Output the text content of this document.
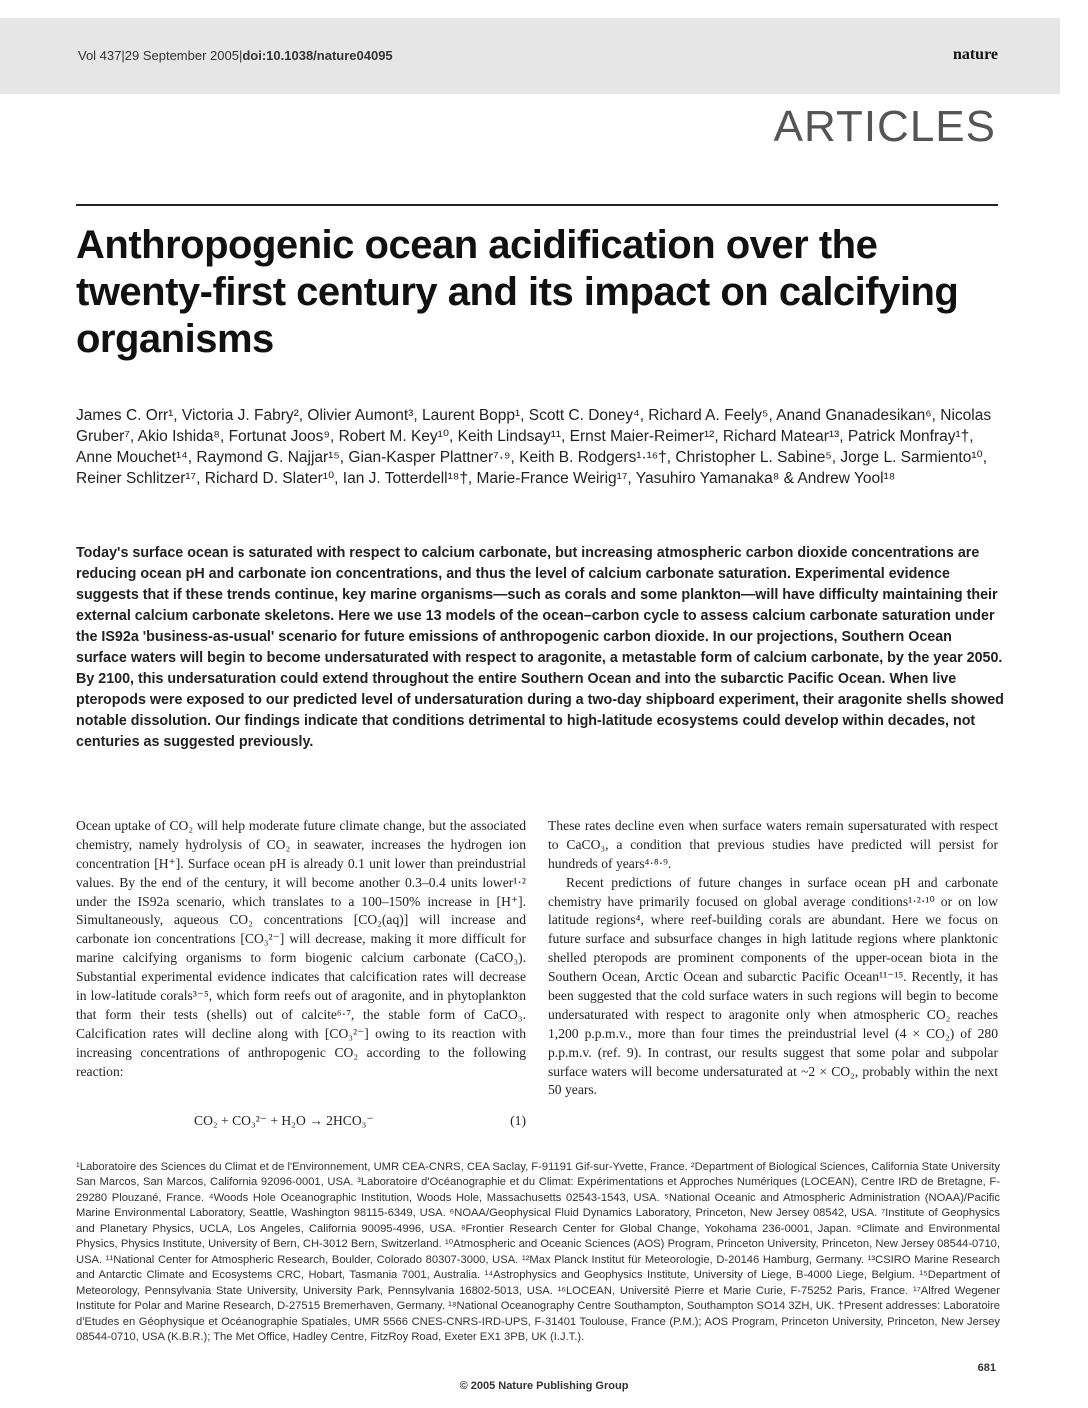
Vol 437|29 September 2005|doi:10.1038/nature04095	nature
ARTICLES
Anthropogenic ocean acidification over the twenty-first century and its impact on calcifying organisms
James C. Orr¹, Victoria J. Fabry², Olivier Aumont³, Laurent Bopp¹, Scott C. Doney⁴, Richard A. Feely⁵, Anand Gnanadesikan⁶, Nicolas Gruber⁷, Akio Ishida⁸, Fortunat Joos⁹, Robert M. Key¹⁰, Keith Lindsay¹¹, Ernst Maier-Reimer¹², Richard Matear¹³, Patrick Monfray¹†, Anne Mouchet¹⁴, Raymond G. Najjar¹⁵, Gian-Kasper Plattner⁷·⁹, Keith B. Rodgers¹·¹⁶†, Christopher L. Sabine⁵, Jorge L. Sarmiento¹⁰, Reiner Schlitzer¹⁷, Richard D. Slater¹⁰, Ian J. Totterdell¹⁸†, Marie-France Weirig¹⁷, Yasuhiro Yamanaka⁸ & Andrew Yool¹⁸
Today's surface ocean is saturated with respect to calcium carbonate, but increasing atmospheric carbon dioxide concentrations are reducing ocean pH and carbonate ion concentrations, and thus the level of calcium carbonate saturation. Experimental evidence suggests that if these trends continue, key marine organisms—such as corals and some plankton—will have difficulty maintaining their external calcium carbonate skeletons. Here we use 13 models of the ocean–carbon cycle to assess calcium carbonate saturation under the IS92a 'business-as-usual' scenario for future emissions of anthropogenic carbon dioxide. In our projections, Southern Ocean surface waters will begin to become undersaturated with respect to aragonite, a metastable form of calcium carbonate, by the year 2050. By 2100, this undersaturation could extend throughout the entire Southern Ocean and into the subarctic Pacific Ocean. When live pteropods were exposed to our predicted level of undersaturation during a two-day shipboard experiment, their aragonite shells showed notable dissolution. Our findings indicate that conditions detrimental to high-latitude ecosystems could develop within decades, not centuries as suggested previously.

Ocean uptake of CO₂ will help moderate future climate change, but the associated chemistry, namely hydrolysis of CO₂ in seawater, increases the hydrogen ion concentration [H⁺]. Surface ocean pH is already 0.1 unit lower than preindustrial values. By the end of the century, it will become another 0.3–0.4 units lower¹·² under the IS92a scenario, which translates to a 100–150% increase in [H⁺]. Simultaneously, aqueous CO₂ concentrations [CO₂(aq)] will increase and carbonate ion concentrations [CO₃²⁻] will decrease, making it more difficult for marine calcifying organisms to form biogenic calcium carbonate (CaCO₃). Substantial experimental evidence indicates that calcification rates will decrease in low-latitude corals³⁻⁵, which form reefs out of aragonite, and in phytoplankton that form their tests (shells) out of calcite⁶·⁷, the stable form of CaCO₃. Calcification rates will decline along with [CO₃²⁻] owing to its reaction with increasing concentrations of anthropogenic CO₂ according to the following reaction:

CO₂ + CO₃²⁻ + H₂O → 2HCO₃⁻	(1)

These rates decline even when surface waters remain supersaturated with respect to CaCO₃, a condition that previous studies have predicted will persist for hundreds of years⁴·⁸·⁹.

Recent predictions of future changes in surface ocean pH and carbonate chemistry have primarily focused on global average conditions¹·²·¹⁰ or on low latitude regions⁴, where reef-building corals are abundant. Here we focus on future surface and subsurface changes in high latitude regions where planktonic shelled pteropods are prominent components of the upper-ocean biota in the Southern Ocean, Arctic Ocean and subarctic Pacific Ocean¹¹⁻¹⁵. Recently, it has been suggested that the cold surface waters in such regions will begin to become undersaturated with respect to aragonite only when atmospheric CO₂ reaches 1,200 p.p.m.v., more than four times the preindustrial level (4 × CO₂) of 280 p.p.m.v. (ref. 9). In contrast, our results suggest that some polar and subpolar surface waters will become undersaturated at ~2 × CO₂, probably within the next 50 years.

¹Laboratoire des Sciences du Climat et de l'Environnement, UMR CEA-CNRS, CEA Saclay, F-91191 Gif-sur-Yvette, France. ²Department of Biological Sciences, California State University San Marcos, San Marcos, California 92096-0001, USA. ³Laboratoire d'Océanographie et du Climat: Expérimentations et Approches Numériques (LOCEAN), Centre IRD de Bretagne, F-29280 Plouzané, France. ⁴Woods Hole Oceanographic Institution, Woods Hole, Massachusetts 02543-1543, USA. ⁵National Oceanic and Atmospheric Administration (NOAA)/Pacific Marine Environmental Laboratory, Seattle, Washington 98115-6349, USA. ⁶NOAA/Geophysical Fluid Dynamics Laboratory, Princeton, New Jersey 08542, USA. ⁷Institute of Geophysics and Planetary Physics, UCLA, Los Angeles, California 90095-4996, USA. ⁸Frontier Research Center for Global Change, Yokohama 236-0001, Japan. ⁹Climate and Environmental Physics, Physics Institute, University of Bern, CH-3012 Bern, Switzerland. ¹⁰Atmospheric and Oceanic Sciences (AOS) Program, Princeton University, Princeton, New Jersey 08544-0710, USA. ¹¹National Center for Atmospheric Research, Boulder, Colorado 80307-3000, USA. ¹²Max Planck Institut für Meteorologie, D-20146 Hamburg, Germany. ¹³CSIRO Marine Research and Antarctic Climate and Ecosystems CRC, Hobart, Tasmania 7001, Australia. ¹⁴Astrophysics and Geophysics Institute, University of Liege, B-4000 Liege, Belgium. ¹⁵Department of Meteorology, Pennsylvania State University, University Park, Pennsylvania 16802-5013, USA. ¹⁶LOCEAN, Université Pierre et Marie Curie, F-75252 Paris, France. ¹⁷Alfred Wegener Institute for Polar and Marine Research, D-27515 Bremerhaven, Germany. ¹⁸National Oceanography Centre Southampton, Southampton SO14 3ZH, UK. †Present addresses: Laboratoire d'Etudes en Géophysique et Océanographie Spatiales, UMR 5566 CNES-CNRS-IRD-UPS, F-31401 Toulouse, France (P.M.); AOS Program, Princeton University, Princeton, New Jersey 08544-0710, USA (K.B.R.); The Met Office, Hadley Centre, FitzRoy Road, Exeter EX1 3PB, UK (I.J.T.).
681
© 2005 Nature Publishing Group
